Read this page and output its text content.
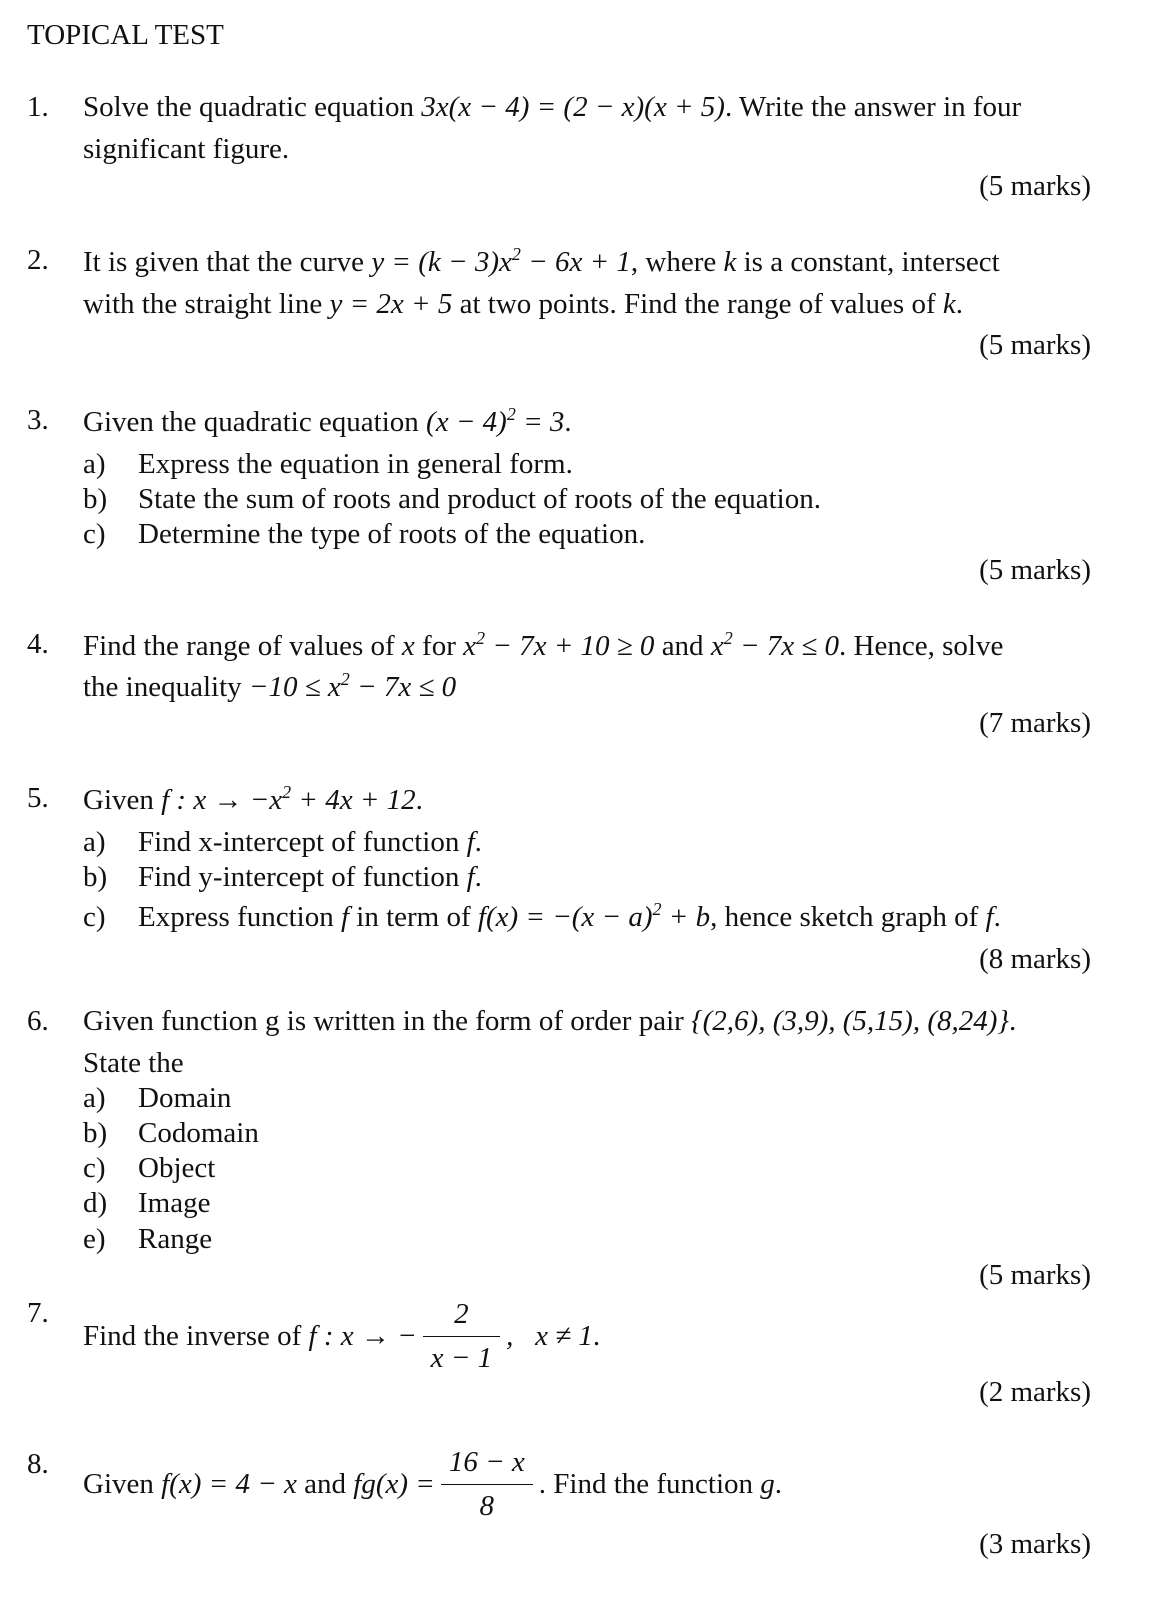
TOPICAL TEST
1. Solve the quadratic equation 3x(x − 4) = (2 − x)(x + 5). Write the answer in four
significant figure.
(5 marks)
2. It is given that the curve $y = (k - 3)x^2 - 6x + 1$, where k is a constant, intersect
with the straight line y = 2x + 5 at two points. Find the range of values of k.
(5 marks)
3. Given the quadratic equation $(x - 4)^2 = 3$.
a) Express the equation in general form.
b) State the sum of roots and product of roots of the equation.
c) Determine the type of roots of the equation.
(5 marks)
4. Find the range of values of x for $x^2 - 7x + 10 \ge 0$ and $x^2 - 7x \le 0$. Hence, solve
the inequality $-10 \le x^2 - 7x \le 0$
(7 marks)
5. Given f : $x \to -x^2 + 4x + 12$.
a) Find x-intercept of function f.
b) Find y-intercept of function f.
c) Express function f in term of $f(x) = -(x - a)^2 + b$, hence sketch graph of f.
(8 marks)
6. Given function g is written in the form of order pair {(2,6), (3,9), (5,15), (8,24)}.
State the
a) Domain
b) Codomain
c) Object
d) Image
e) Range
(5 marks)
7.
Find the inverse of f : x → − $\frac{2}{x - 1}$ , x ≠ 1.
(2 marks)
8.
Given f(x) = 4 − x and $fg(x) = \frac{16 - x}{8}$ . Find the function g.
(3 marks)
